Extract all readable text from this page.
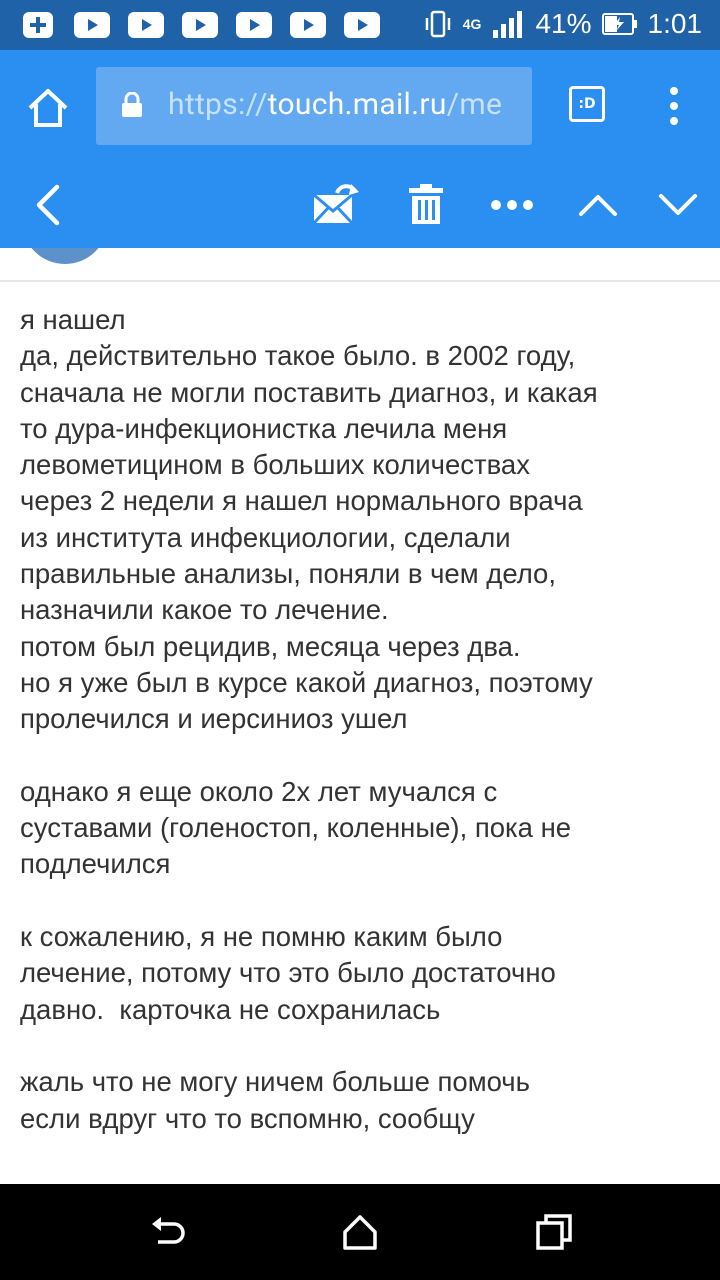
4G 41% 1:01
https://touch.mail.ru/me	:D
я нашел
да, действительно такое было. в 2002 году,
сначала не могли поставить диагноз, и какая
то дура-инфекционистка лечила меня
левометицином в больших количествах
через 2 недели я нашел нормального врача
из института инфекциологии, сделали
правильные анализы, поняли в чем дело,
назначили какое то лечение.
потом был рецидив, месяца через два.
но я уже был в курсе какой диагноз, поэтому
пролечился и иерсиниоз ушел
однако я еще около 2х лет мучался с
суставами (голеностоп, коленные), пока не
подлечился
к сожалению, я не помню каким было
лечение, потому что это было достаточно
давно.  карточка не сохранилась
жаль что не могу ничем больше помочь
если вдруг что то вспомню, сообщу
